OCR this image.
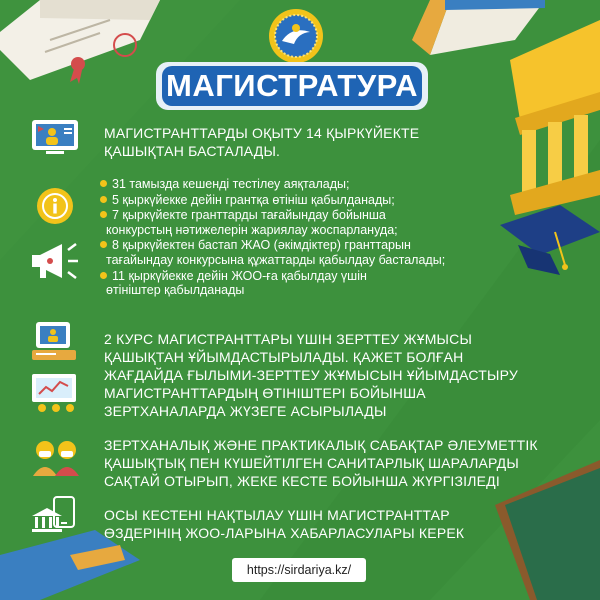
МАГИСТРАТУРА
МАГИСТРАНТТАРДЫ ОҚЫТУ 14 ҚЫРКҮЙЕКТЕ
ҚАШЫҚТАН БАСТАЛАДЫ.
31 тамызда кешенді тестілеу аяқталады;
5 қыркүйекке дейін грантқа өтініш қабылданады;
7 қыркүйекте гранттарды тағайындау бойынша
конкурстың нәтижелерін жариялау жоспарлануда;
8 қыркүйектен бастап ЖАО (әкімдіктер) гранттарын
тағайындау конкурсына құжаттарды қабылдау басталады;
11 қыркүйекке дейін ЖОО-ға қабылдау үшін
өтініштер қабылданады
2 КУРС МАГИСТРАНТТАРЫ ҮШІН ЗЕРТТЕУ ЖҰМЫСЫ
ҚАШЫҚТАН ҰЙЫМДАСТЫРЫЛАДЫ. ҚАЖЕТ БОЛҒАН
ЖАҒДАЙДА ҒЫЛЫМИ-ЗЕРТТЕУ ЖҰМЫСЫН ҰЙЫМДАСТЫРУ
МАГИСТРАНТТАРДЫҢ ӨТІНІШТЕРІ БОЙЫНША
ЗЕРТХАНАЛАРДА ЖҮЗЕГЕ АСЫРЫЛАДЫ
ЗЕРТХАНАЛЫҚ ЖӘНЕ ПРАКТИКАЛЫҚ САБАҚТАР ӘЛЕУМЕТТІК
ҚАШЫҚТЫҚ ПЕН КҮШЕЙТІЛГЕН САНИТАРЛЫҚ ШАРАЛАРДЫ
САҚТАЙ ОТЫРЫП, ЖЕКЕ КЕСТЕ БОЙЫНША ЖҮРГІЗІЛЕДІ
ОСЫ КЕСТЕНІ НАҚТЫЛАУ ҮШІН МАГИСТРАНТТАР
ӨЗДЕРІНІҢ ЖОО-ЛАРЫНА ХАБАРЛАСУЛАРЫ КЕРЕК
https://sirdariya.kz/
